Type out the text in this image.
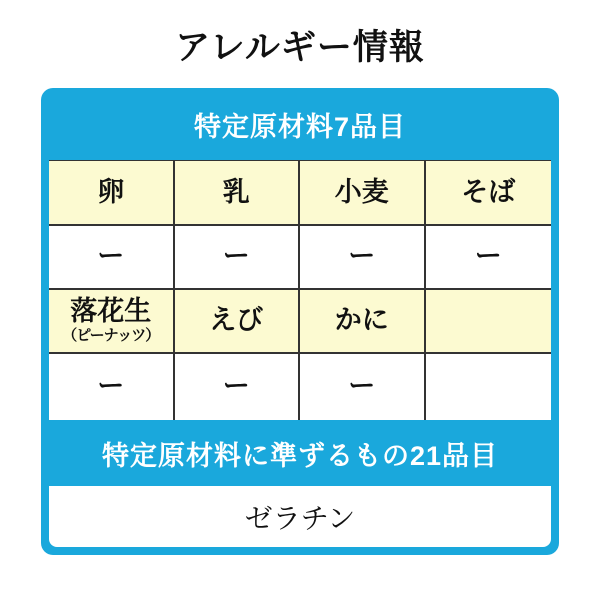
アレルギー情報
特定原材料7品目
卵	乳	小麦	そば
ー	ー	ー	ー
落花生
（ピーナッツ）
えび	かに
ー	ー	ー
特定原材料に準ずるもの21品目
ゼラチン
